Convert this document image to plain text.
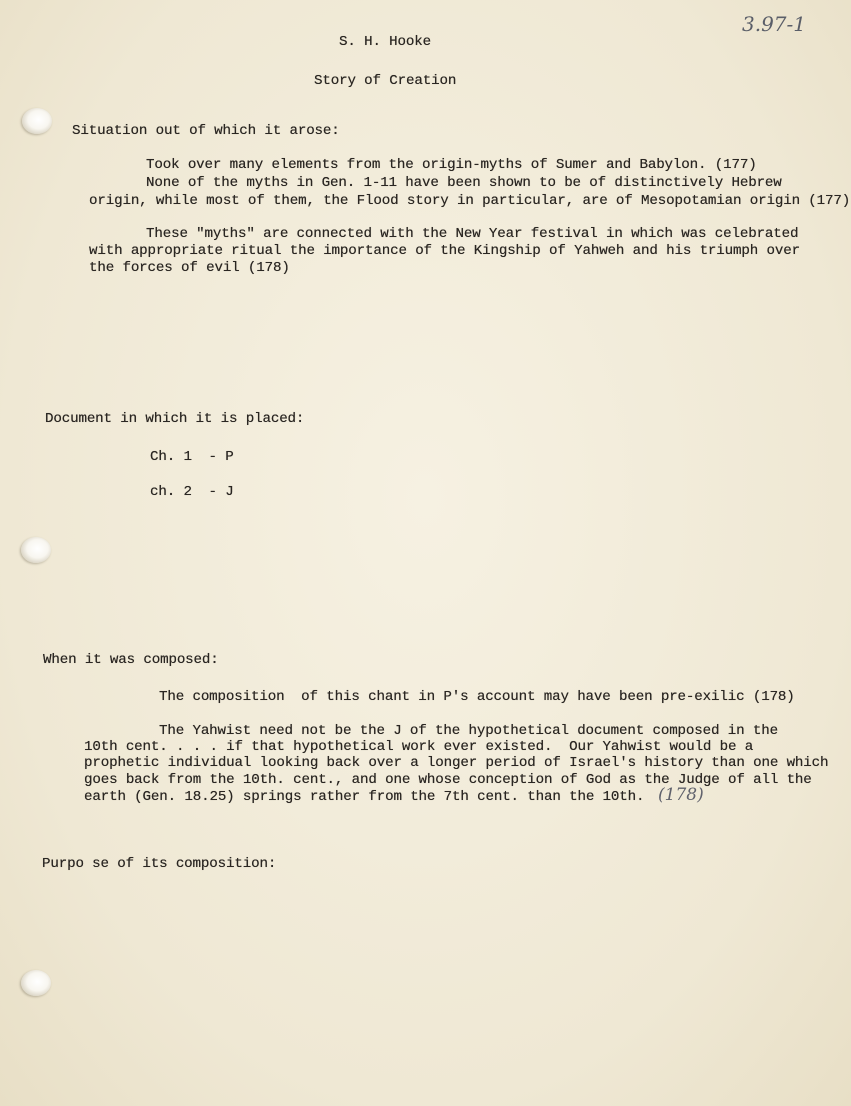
3.97-1
S. H. Hooke
Story of Creation
Situation out of which it arose:
Took over many elements from the origin-myths of Sumer and Babylon. (177)
None of the myths in Gen. 1-11 have been shown to be of distinctively Hebrew
origin, while most of them, the Flood story in particular, are of Mesopotamian origin (177)
These "myths" are connected with the New Year festival in which was celebrated
with appropriate ritual the importance of the Kingship of Yahweh and his triumph over
the forces of evil (178)
Document in which it is placed:
Ch. 1  - P
ch. 2  - J
When it was composed:
The composition  of this chant in P's account may have been pre-exilic (178)
The Yahwist need not be the J of the hypothetical document composed in the
10th cent. . . . if that hypothetical work ever existed.  Our Yahwist would be a
prophetic individual looking back over a longer period of Israel's history than one which
goes back from the 10th. cent., and one whose conception of God as the Judge of all the
earth (Gen. 18.25) springs rather from the 7th cent. than the 10th. (178)
Purpo se of its composition:
